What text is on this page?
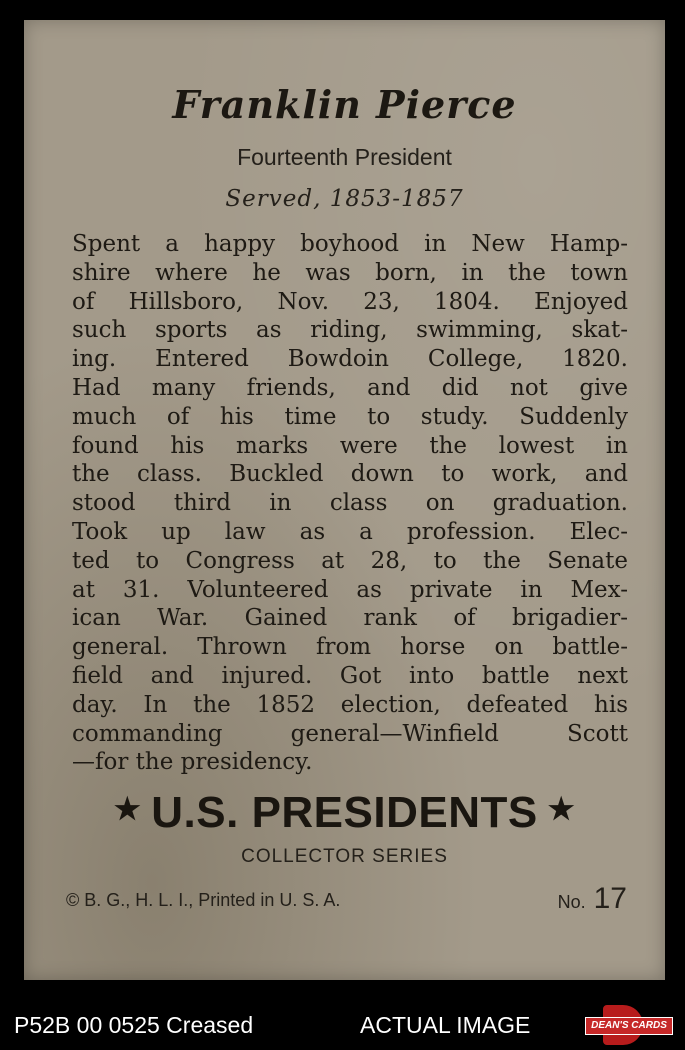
Franklin Pierce
Fourteenth President
Served, 1853-1857
Spent a happy boyhood in New Hamp-
shire where he was born, in the town
of Hillsboro, Nov. 23, 1804. Enjoyed
such sports as riding, swimming, skat-
ing. Entered Bowdoin College, 1820.
Had many friends, and did not give
much of his time to study. Suddenly
found his marks were the lowest in
the class. Buckled down to work, and
stood third in class on graduation.
Took up law as a profession. Elec-
ted to Congress at 28, to the Senate
at 31. Volunteered as private in Mex-
ican War. Gained rank of brigadier-
general. Thrown from horse on battle-
field and injured. Got into battle next
day. In the 1852 election, defeated his
commanding general—Winfield Scott
—for the presidency.
★ U.S. PRESIDENTS ★
COLLECTOR SERIES
© B. G., H. L. I., Printed in U. S. A.	No. 17
P52B 00 0525 Creased	ACTUAL IMAGE	DEAN'S CARDS
